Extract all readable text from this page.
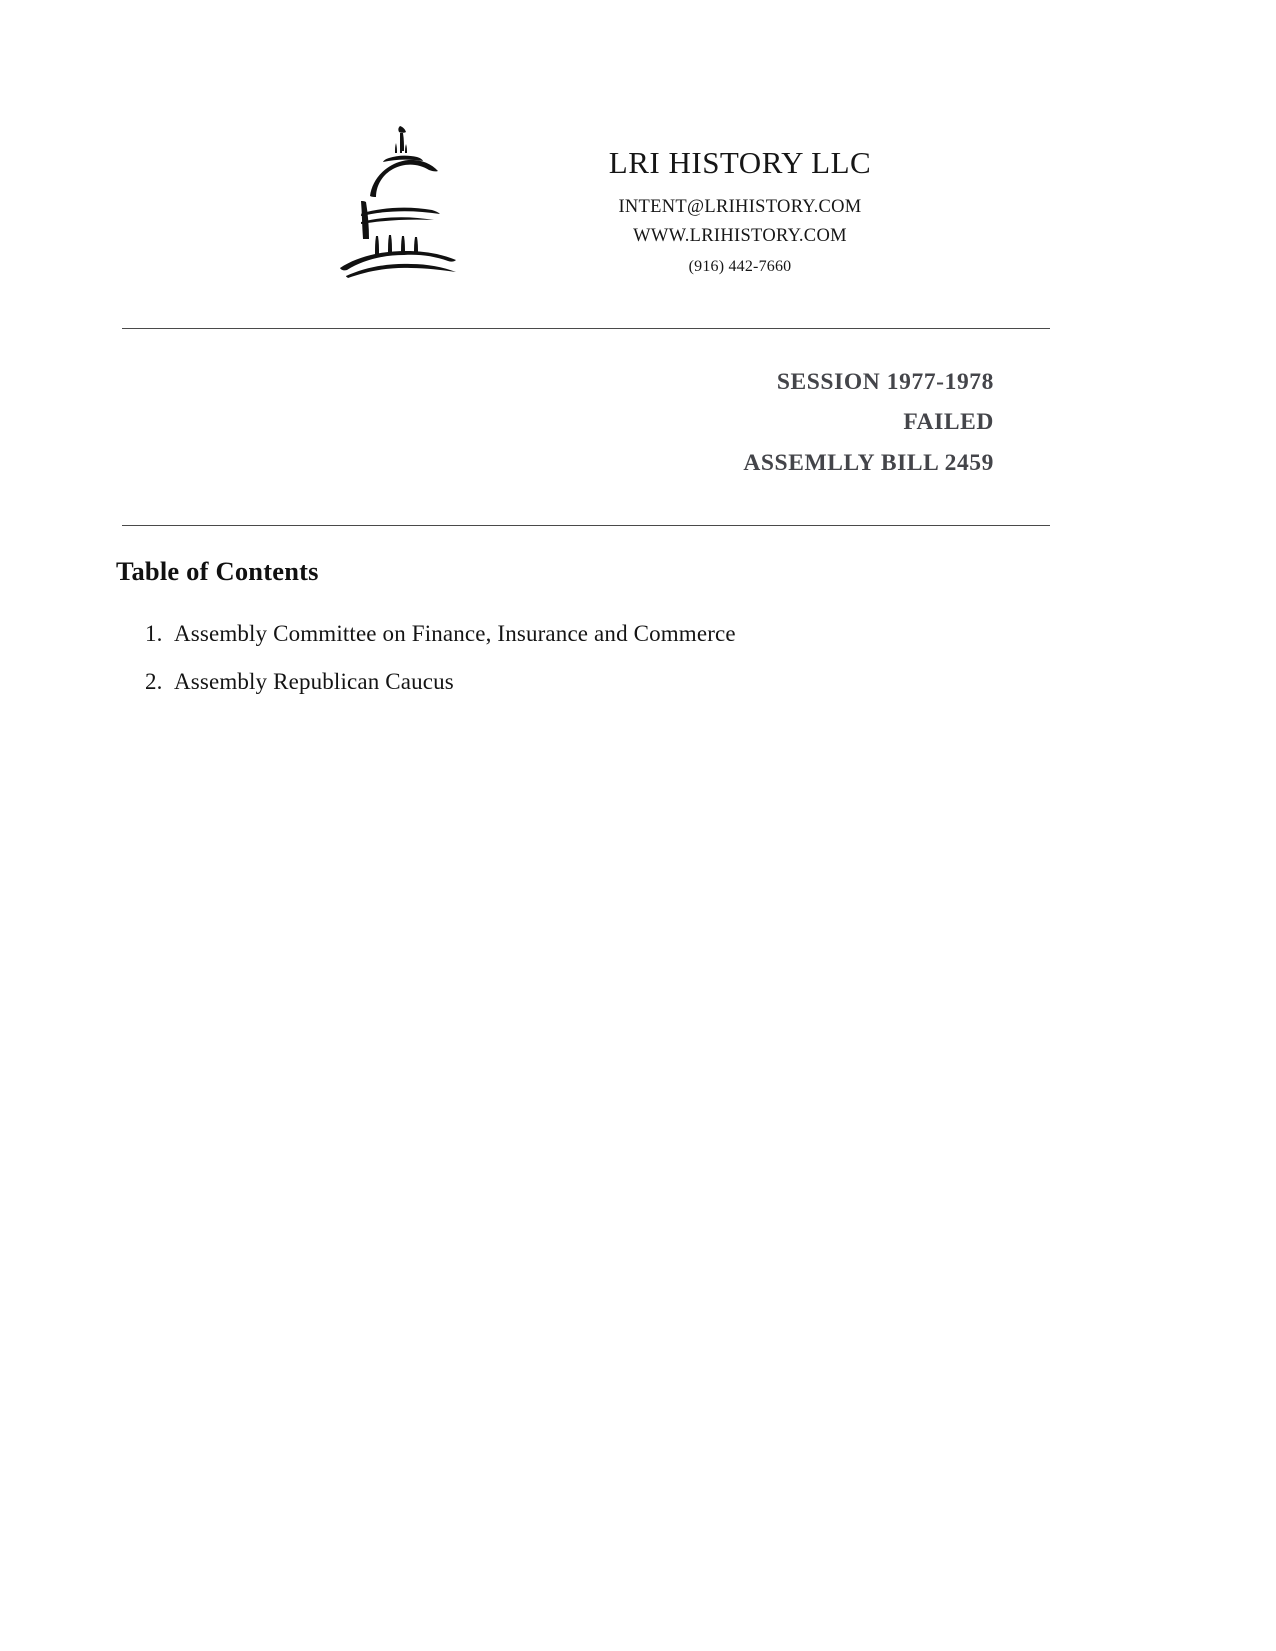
LRI HISTORY LLC
INTENT@LRIHISTORY.COM
WWW.LRIHISTORY.COM
(916) 442-7660
SESSION 1977-1978
FAILED
ASSEMLLY BILL 2459
Table of Contents
1. Assembly Committee on Finance, Insurance and Commerce
2. Assembly Republican Caucus
